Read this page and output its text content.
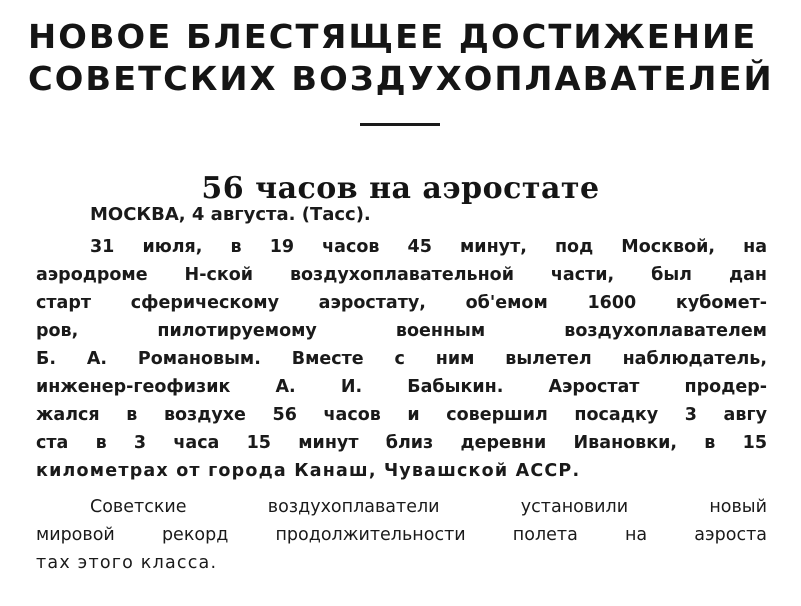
НОВОЕ БЛЕСТЯЩЕЕ ДОСТИЖЕНИЕ
СОВЕТСКИХ ВОЗДУХОПЛАВАТЕЛЕЙ
56 часов на аэростате
МОСКВА, 4 августа. (Тасс).
31 июля, в 19 часов 45 минут, под Москвой, на
аэродроме Н-ской воздухоплавательной части, был дан
старт сферическому аэростату, об'емом 1600 кубомет-
ров, пилотируемому военным воздухоплавателем
Б. А. Романовым. Вместе с ним вылетел наблюдатель,
инженер-геофизик А. И. Бабыкин. Аэростат продер-
жался в воздухе 56 часов и совершил посадку 3 авгу
ста в 3 часа 15 минут близ деревни Ивановки, в 15
километрах от города Канаш, Чувашской АССР.
Советские воздухоплаватели установили новый
мировой рекорд продолжительности полета на аэроста
тах этого класса.
